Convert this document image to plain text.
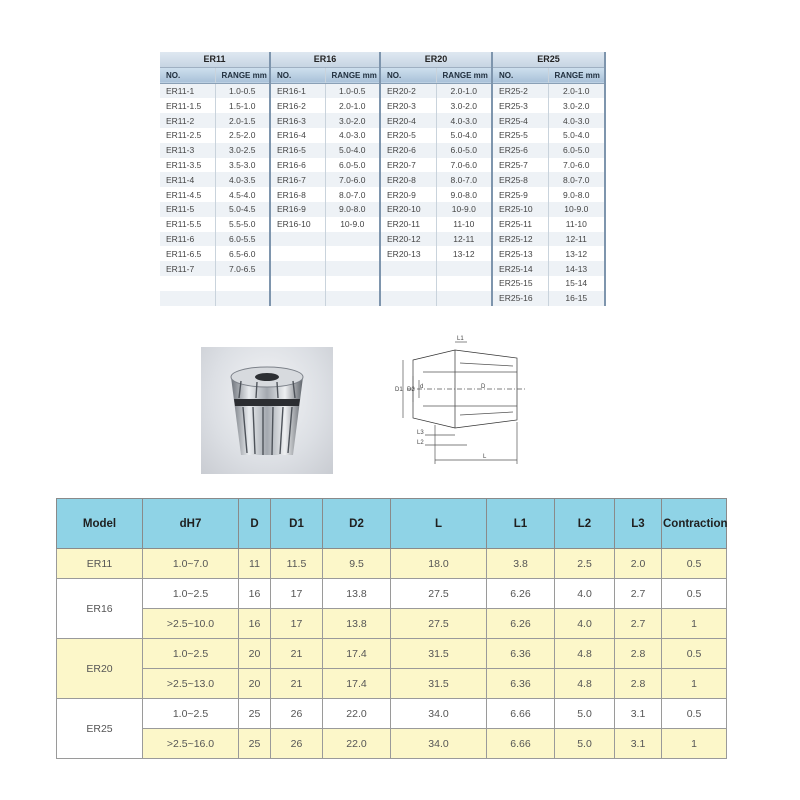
ER11		ER16		ER20		ER25	
NO.	RANGE mm	NO.	RANGE mm	NO.	RANGE mm	NO.	RANGE mm
ER11-1	1.0-0.5	ER16-1	1.0-0.5	ER20-2	2.0-1.0	ER25-2	2.0-1.0
ER11-1.5	1.5-1.0	ER16-2	2.0-1.0	ER20-3	3.0-2.0	ER25-3	3.0-2.0
ER11-2	2.0-1.5	ER16-3	3.0-2.0	ER20-4	4.0-3.0	ER25-4	4.0-3.0
ER11-2.5	2.5-2.0	ER16-4	4.0-3.0	ER20-5	5.0-4.0	ER25-5	5.0-4.0
ER11-3	3.0-2.5	ER16-5	5.0-4.0	ER20-6	6.0-5.0	ER25-6	6.0-5.0
ER11-3.5	3.5-3.0	ER16-6	6.0-5.0	ER20-7	7.0-6.0	ER25-7	7.0-6.0
ER11-4	4.0-3.5	ER16-7	7.0-6.0	ER20-8	8.0-7.0	ER25-8	8.0-7.0
ER11-4.5	4.5-4.0	ER16-8	8.0-7.0	ER20-9	9.0-8.0	ER25-9	9.0-8.0
ER11-5	5.0-4.5	ER16-9	9.0-8.0	ER20-10	10-9.0	ER25-10	10-9.0
ER11-5.5	5.5-5.0	ER16-10	10-9.0	ER20-11	11-10	ER25-11	11-10
ER11-6	6.0-5.5			ER20-12	12-11	ER25-12	12-11
ER11-6.5	6.5-6.0			ER20-13	13-12	ER25-13	13-12
ER11-7	7.0-6.5					ER25-14	14-13
						ER25-15	15-14
						ER25-16	16-15
L1
L3
L2
L
D1 D2 d	D
Model	dH7	D	D1	D2	L	L1	L2	L3	Contraction
ER11	1.0~7.0	11	11.5	9.5	18.0	3.8	2.5	2.0	0.5
ER16	1.0~2.5	16	17	13.8	27.5	6.26	4.0	2.7	0.5
	>2.5~10.0	16	17	13.8	27.5	6.26	4.0	2.7	1
ER20	1.0~2.5	20	21	17.4	31.5	6.36	4.8	2.8	0.5
	>2.5~13.0	20	21	17.4	31.5	6.36	4.8	2.8	1
ER25	1.0~2.5	25	26	22.0	34.0	6.66	5.0	3.1	0.5
	>2.5~16.0	25	26	22.0	34.0	6.66	5.0	3.1	1
